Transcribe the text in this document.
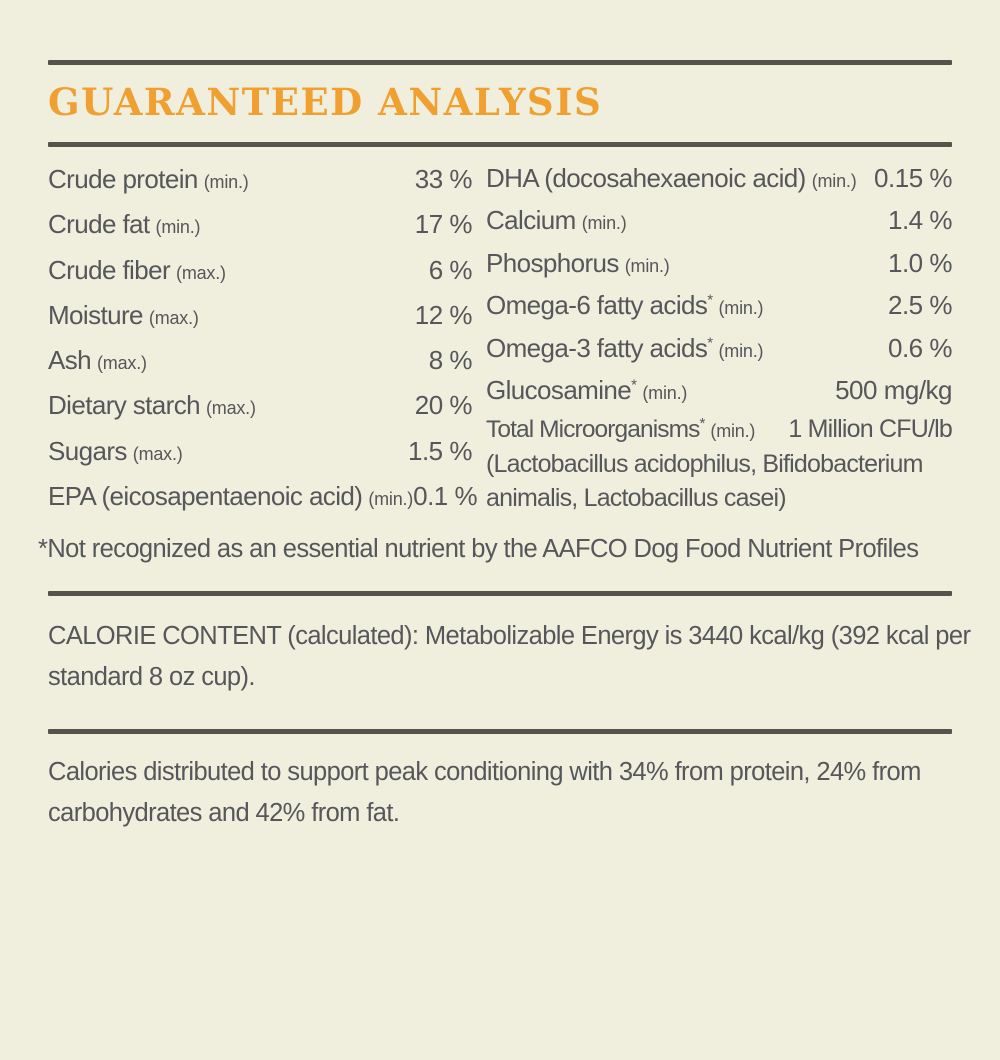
GUARANTEED ANALYSIS
Crude protein (min.)	33 %
Crude fat (min.)	17 %
Crude fiber (max.)	6 %
Moisture (max.)	12 %
Ash (max.)	8 %
Dietary starch (max.)	20 %
Sugars (max.)	1.5 %
EPA (eicosapentaenoic acid) (min.) 0.1 %
DHA (docosahexaenoic acid) (min.) 0.15 %
Calcium (min.)	1.4 %
Phosphorus (min.)	1.0 %
Omega-6 fatty acids* (min.)	2.5 %
Omega-3 fatty acids* (min.)	0.6 %
Glucosamine* (min.)	500 mg/kg
Total Microorganisms* (min.) 1 Million CFU/lb
(Lactobacillus acidophilus, Bifidobacterium
animalis, Lactobacillus casei)
*Not recognized as an essential nutrient by the AAFCO Dog Food Nutrient Profiles
CALORIE CONTENT (calculated): Metabolizable Energy is 3440 kcal/kg (392 kcal per
standard 8 oz cup).
Calories distributed to support peak conditioning with 34% from protein, 24% from
carbohydrates and 42% from fat.
